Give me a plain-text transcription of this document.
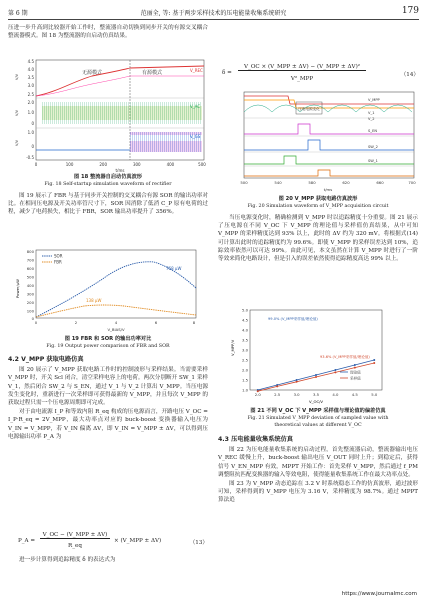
第 6 期	范丽全, 等: 基于两步采样技术的压电能量收集系统研究	179

压进一步升高到比较器开始工作时，整流器自动切换到同步开关的有源交叉耦合整流器模式。图 18 为整流器的自启动仿真结果。

无源模式	有源模式	V_REC
V_AC
V_GS
4.5
4.0
3.5
3.0
2.5
2.0
1.0
0
1.0
0
-0.5
V/V
V/V
V/V
0	100	200	300	400	500
t/ms
图 18 整流器自启动仿真波形
Fig. 18 Self-startup simulation waveform of rectifier

图 19 展示了 FBR 与基于同步开关控制的交叉耦合有源 SOR 的输出功率对比。在相同压电源及开关功率管尺寸下，SOR 因消除了低消 C_P 原有电荷的过程，减少了电荷损失，相比于 FBR，SOR 输出功率提升了 356%。

800
700
600
500
400
300
200
100
0
Power/μW
0	2	4	6	8
V_BIAS/V
768 μW
138 μW
SOR
FBR
图 19 FBR 和 SOR 的输出功率对比
Fig. 19 Output power comparison of FBR and SOR
4.2 V_MPP 获取电路仿真

图 20 展示了 V_MPP 获取电路工作时的控制波形与采样结果。当需要采样 V_MPP 时，开关 Scl 闭合，清空采样电容上的电荷。两次分别断开 SW_1 采样 V_1，然后闭合 SW_2 与 S_EN，通过 V_1 与 V_2 计算出 V_MPP。当压电源发生变化时，重新进行一次采样即可获得最新的 V_MPP，并且每次 V_MPP 的获取过程只需一个压电源周期即可完成。

对于由电流源 I_P 和等效内阻 R_eq 构成的压电源而言，开路电压 V_OC = I_P·R_eq = 2V_MPP，最大功率点对应的 buck-boost 变换器输入电压为 V_IN = V_MPP，若 V_IN 偏离 ΔV，即 V_IN = V_MPP ± ΔV，可以得到压电源输出功率 P_A 为

P_A =
V_OC − (V_MPP ± ΔV)
R_eq
× (V_MPP ± ΔV)	（13）

进一步计算得到追踪精度 δ 的表达式为

δ =
V_OC × (V_MPP ± ΔV) − (V_MPP ± ΔV)²
V²_MPP
（14）
压电电源变化
V_MPP
V_1
V_2
S_EN
SW_2
SW_1
500	540	580	620	660	700
t/ms
图 20 V_MPP 获取电路仿真波形
Fig. 20 Simulation waveform of V_MPP acquisition circuit

当压电源变化时，精确检测到 V_MPP 时以追踪精度十分重要。图 21 展示了压电源在不同 V_OC 下 V_MPP 的理论值与采样值仿真结果，从中可知 V_MPP 的采样精度达到 93% 以上，此时的 ΔV 约为 320 mV。将根据式(14)可计算出此时的追踪精度约为 99.6%。即使 V_MPP 的采样误差达到 10%，追踪效率依然可以可达 99%。由此可见，本文虽然在计算 V_MPP 时进行了一阶等效来简化电路设计，但是引入的误差依然使得追踪精度高达 99% 以上。

5.0
4.5
4.0
3.5
3.0
2.5
2.0
1.5
1.0
2.0	2.5	3.0	3.5	4.0	4.5	5.0
V_MPP/V
V_OC/V
99.0% (V_MPP采样值/理论值)
93.6% (V_MPP采样值/理论值)
理论值
采样值
图 21 不同 V_OC 下 V_MPP 采样值与理论值的偏差仿真
Fig. 21 Simulated V_MPP deviation of sampled value with
theoretical values at different V_OC
4.3 压电能量收集系统仿真

图 22 为压电能量收集系统的启动过程，首先整流器启动，整流器输出电压 V_REC 缓慢上升，buck-boost 输出电压 V_OUT 同时上升；到稳定后，获得信号 V_EN_MPP 有效，MPPT 开始工作：首先采样 V_MPP，然后通过 f_PM 调整阻抗匹配变换器的输入等效电阻，使得能量收集系统工作在最大功率点处。

图 23 为 V_MPP 动态追踪在 3.2 V 时系统稳态工作的仿真波形，通过波形可知，采样得到的 V_MPP 电压为 3.16 V，采样精度为 98.7%。通过 MPPT 算法追

https://www.journalmc.com
